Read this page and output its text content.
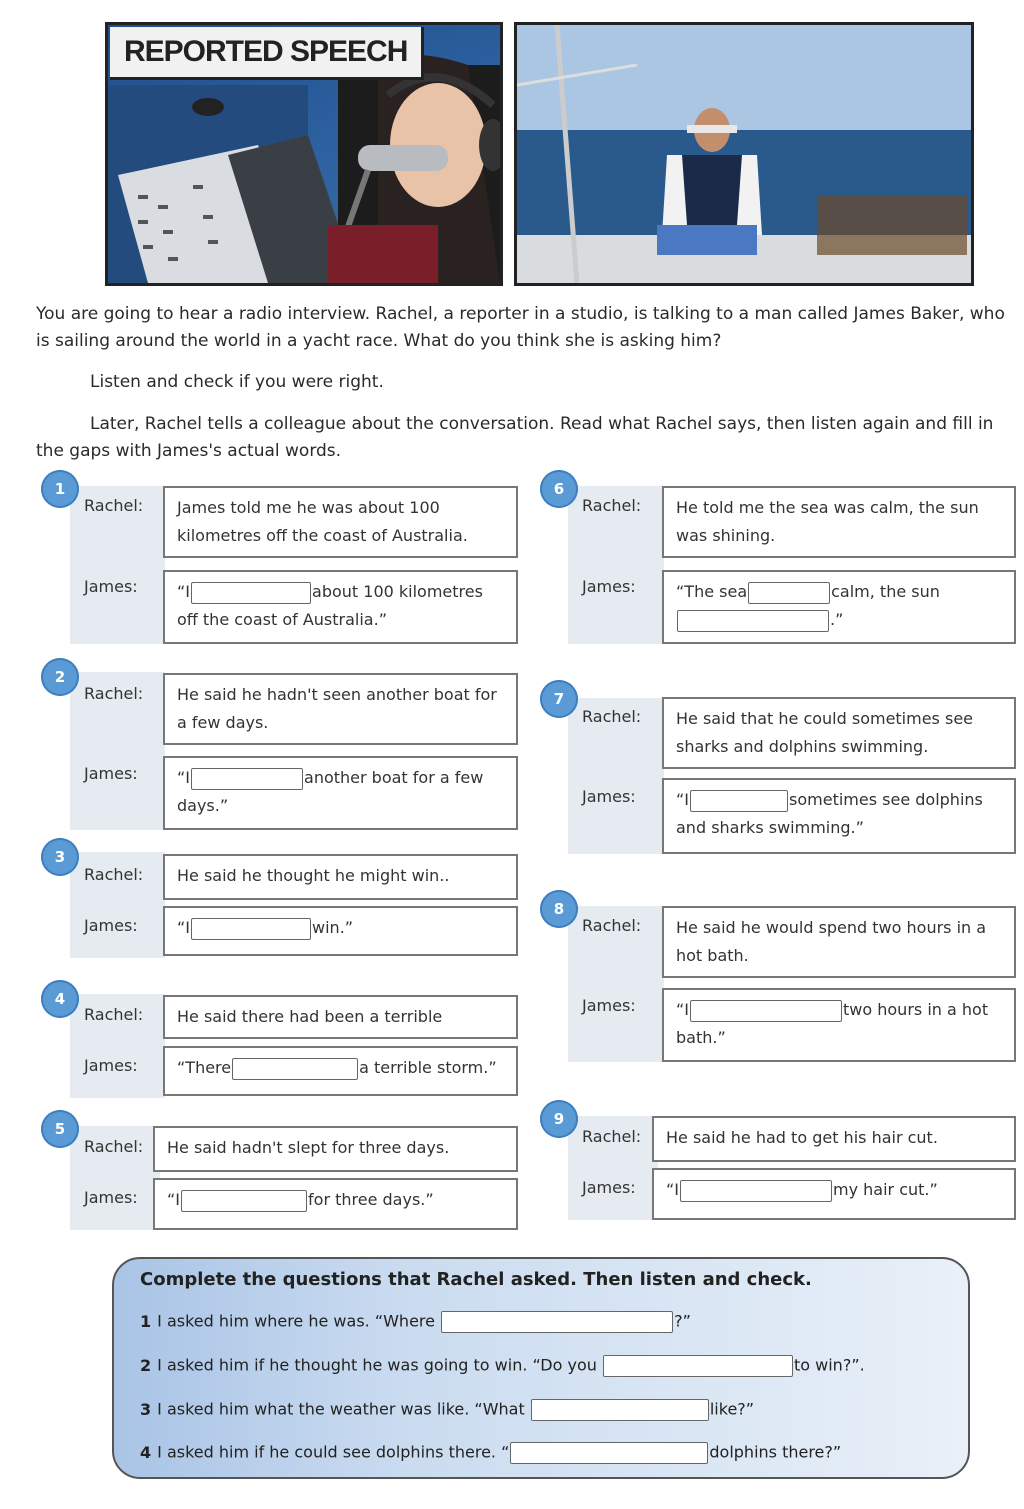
REPORTED SPEECH
You are going to hear a radio interview. Rachel, a reporter in a studio, is talking to a man called James Baker, who is sailing around the world in a yacht race. What do you think she is asking him?
Listen and check if you were right.
Later, Rachel tells a colleague about the conversation. Read what Rachel says, then listen again and fill in the gaps with James's actual words.
1
Rachel:	James told me he was about 100 kilometres off the coast of Australia.
James:	“I	about 100 kilometres off the coast of Australia.”
2
Rachel:	He said he hadn't seen another boat for a few days.
James:	“I	another boat for a few days.”
3
Rachel:	He said he thought he might win..
James:	“I	win.”
4
Rachel:	He said there had been a terrible
James:	“There	a terrible storm.”
5
Rachel:	He said hadn't slept for three days.
James:	“I	for three days.”
6
Rachel:	He told me the sea was calm, the sun was shining.
James:	“The sea	calm, the sun.”
7
Rachel:	He said that he could sometimes see sharks and dolphins swimming.
James:	“I	sometimes see dolphins and sharks swimming.”
8
Rachel:	He said he would spend two hours in a hot bath.
James:	“I	two hours in a hot bath.”
9
Rachel:	He said he had to get his hair cut.
James:	“I	my hair cut.”
Complete the questions that Rachel asked. Then listen and check.
1 I asked him where he was. “Where	?”
2 I asked him if he thought he was going to win. “Do you	to win?”.
3 I asked him what the weather was like. “What	like?”
4 I asked him if he could see dolphins there. “	dolphins there?”
